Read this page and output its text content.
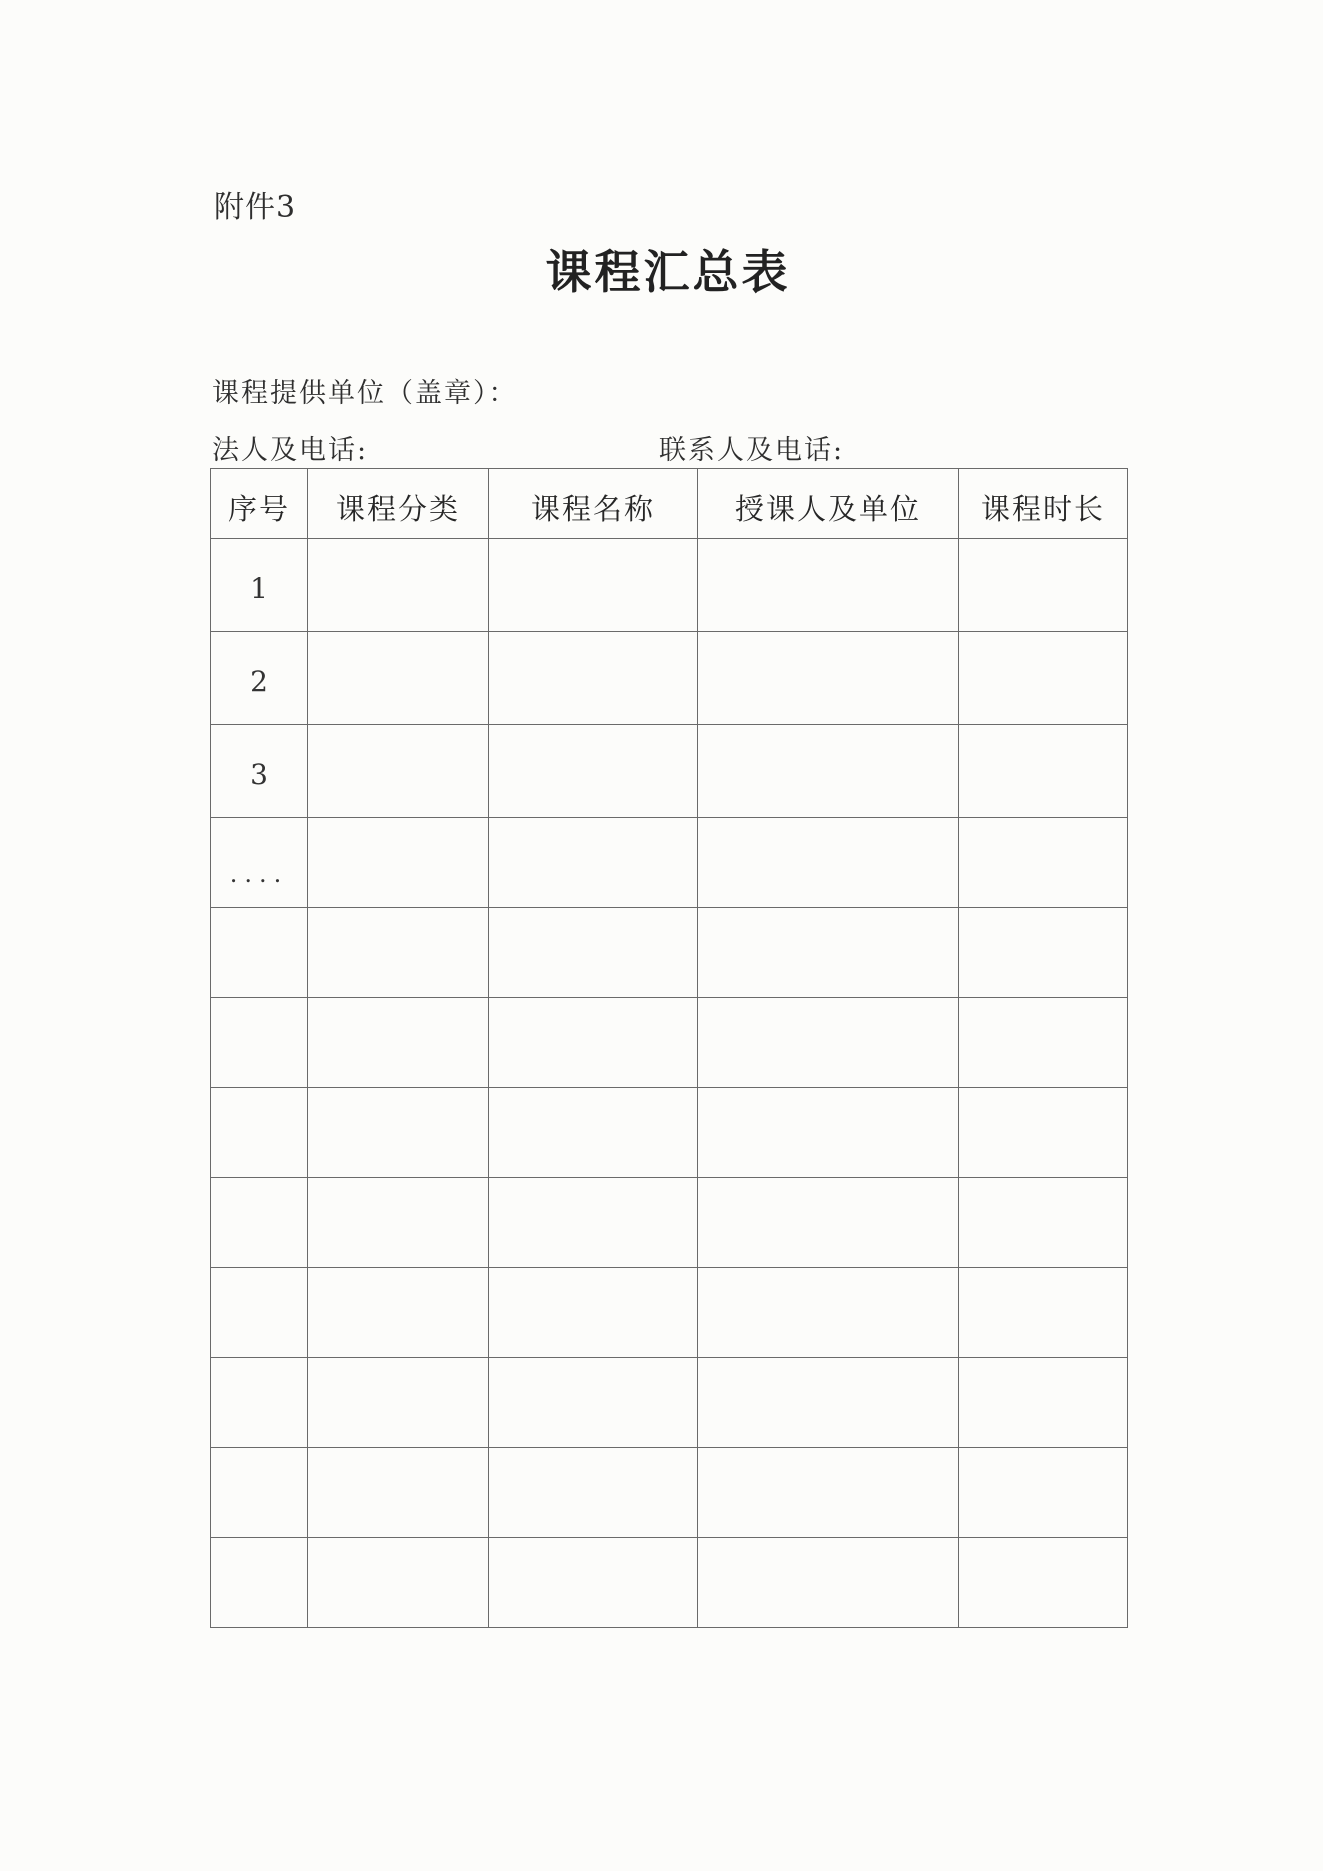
附件3
课程汇总表
课程提供单位（盖章）：
法人及电话:	联系人及电话:
序号	课程分类	课程名称	授课人及单位	课程时长
1				
2				
3				
....				
